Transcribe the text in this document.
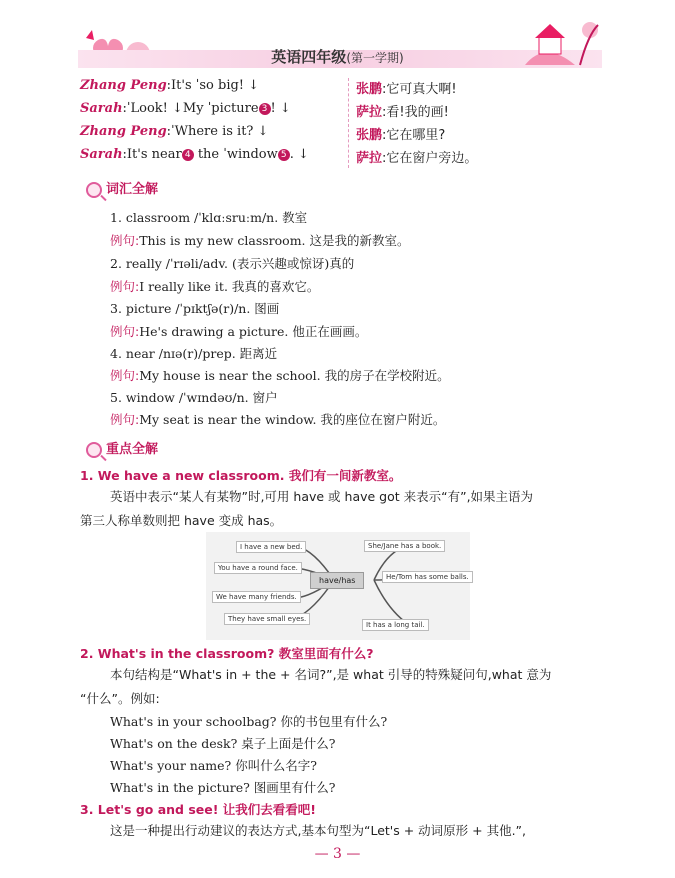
英语四年级(第一学期)
Zhang Peng:It's ˈso big! ↓	张鹏:它可真大啊!
Sarah:ˈLook! ↓My ˈpicture 3 ! ↓	萨拉:看!我的画!
Zhang Peng:ˈWhere is it? ↓	张鹏:它在哪里?
Sarah:It's near 4 the ˈwindow 5 . ↓	萨拉:它在窗户旁边。
词汇全解
1. classroom /ˈklɑːsruːm/n. 教室
例句:This is my new classroom. 这是我的新教室。
2. really /ˈrɪəli/adv. (表示兴趣或惊讶)真的
例句:I really like it. 我真的喜欢它。
3. picture /ˈpɪktʃə(r)/n. 图画
例句:He's drawing a picture. 他正在画画。
4. near /nɪə(r)/prep. 距离近
例句:My house is near the school. 我的房子在学校附近。
5. window /ˈwɪndəʊ/n. 窗户
例句:My seat is near the window. 我的座位在窗户附近。
重点全解
1. We have a new classroom. 我们有一间新教室。
英语中表示“某人有某物”时,可用 have 或 have got 来表示“有”,如果主语为
第三人称单数则把 have 变成 has。
have/has
I have a new bed.
You have a round face.
We have many friends.
They have small eyes.
She/Jane has a book.
He/Tom has some balls.
It has a long tail.
2. What's in the classroom? 教室里面有什么?
本句结构是“What's in + the + 名词?”,是 what 引导的特殊疑问句,what 意为
“什么”。例如:
What's in your schoolbag? 你的书包里有什么?
What's on the desk? 桌子上面是什么?
What's your name? 你叫什么名字?
What's in the picture? 图画里有什么?
3. Let's go and see! 让我们去看看吧!
这是一种提出行动建议的表达方式,基本句型为“Let's + 动词原形 + 其他.”,
— 3 —
